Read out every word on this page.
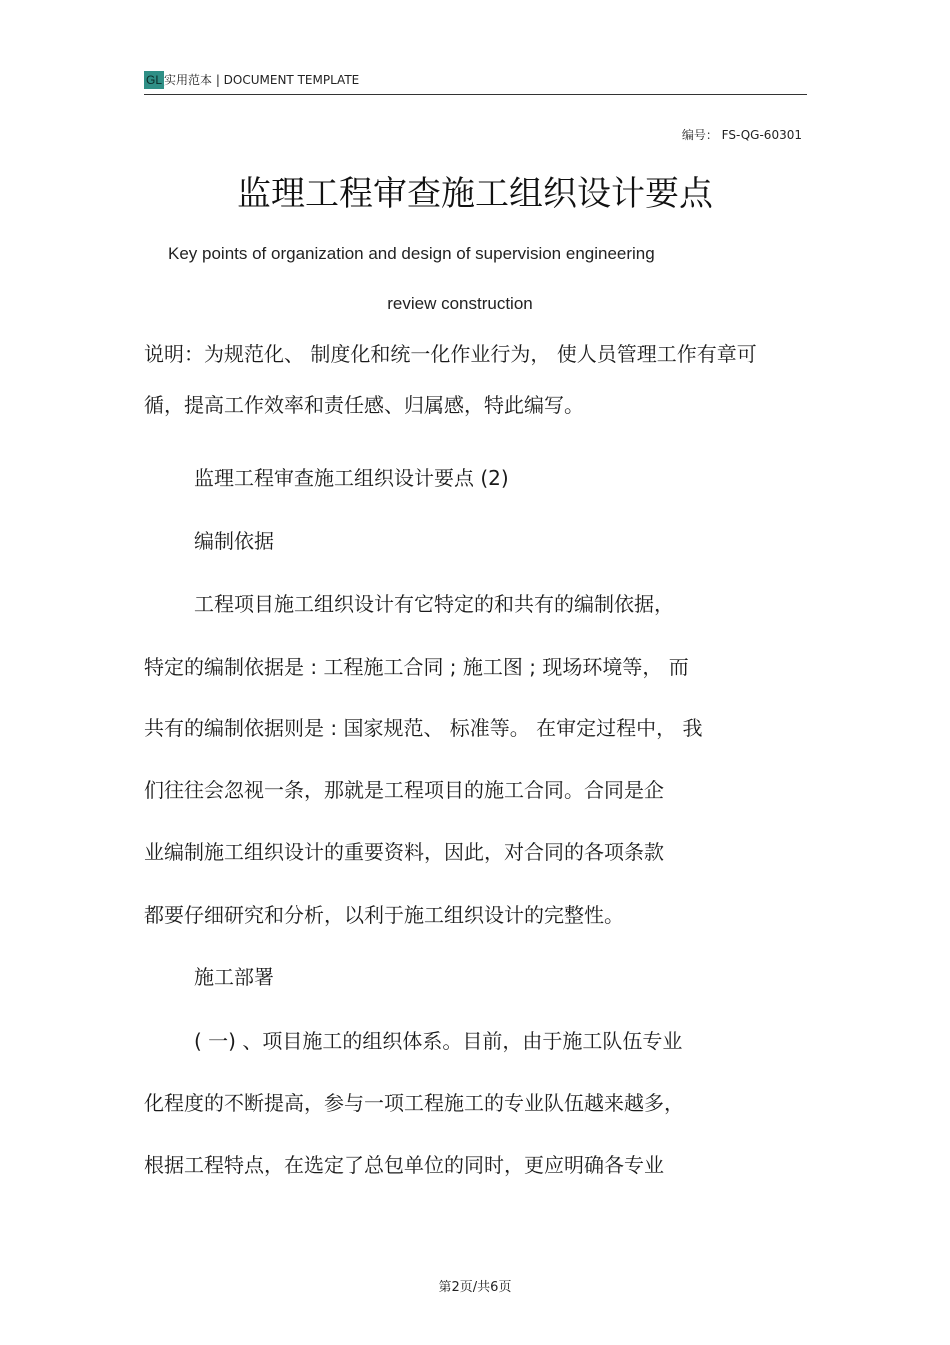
GL 实用范本 | DOCUMENT TEMPLATE
编号： FS-QG-60301
监理工程审查施工组织设计要点
Key points of organization and design of supervision engineering
review construction
说明：为规范化、 制度化和统一化作业行为， 使人员管理工作有章可
循，提高工作效率和责任感、归属感，特此编写。
监理工程审查施工组织设计要点 (2)
编制依据
工程项目施工组织设计有它特定的和共有的编制依据，
特定的编制依据是 : 工程施工合同 ; 施工图 ; 现场环境等， 而
共有的编制依据则是 : 国家规范、 标准等。 在审定过程中， 我
们往往会忽视一条，那就是工程项目的施工合同。合同是企
业编制施工组织设计的重要资料，因此，对合同的各项条款
都要仔细研究和分析，以利于施工组织设计的完整性。
施工部署
( 一) 、项目施工的组织体系。目前，由于施工队伍专业
化程度的不断提高，参与一项工程施工的专业队伍越来越多，
根据工程特点，在选定了总包单位的同时，更应明确各专业
第2页/共6页
